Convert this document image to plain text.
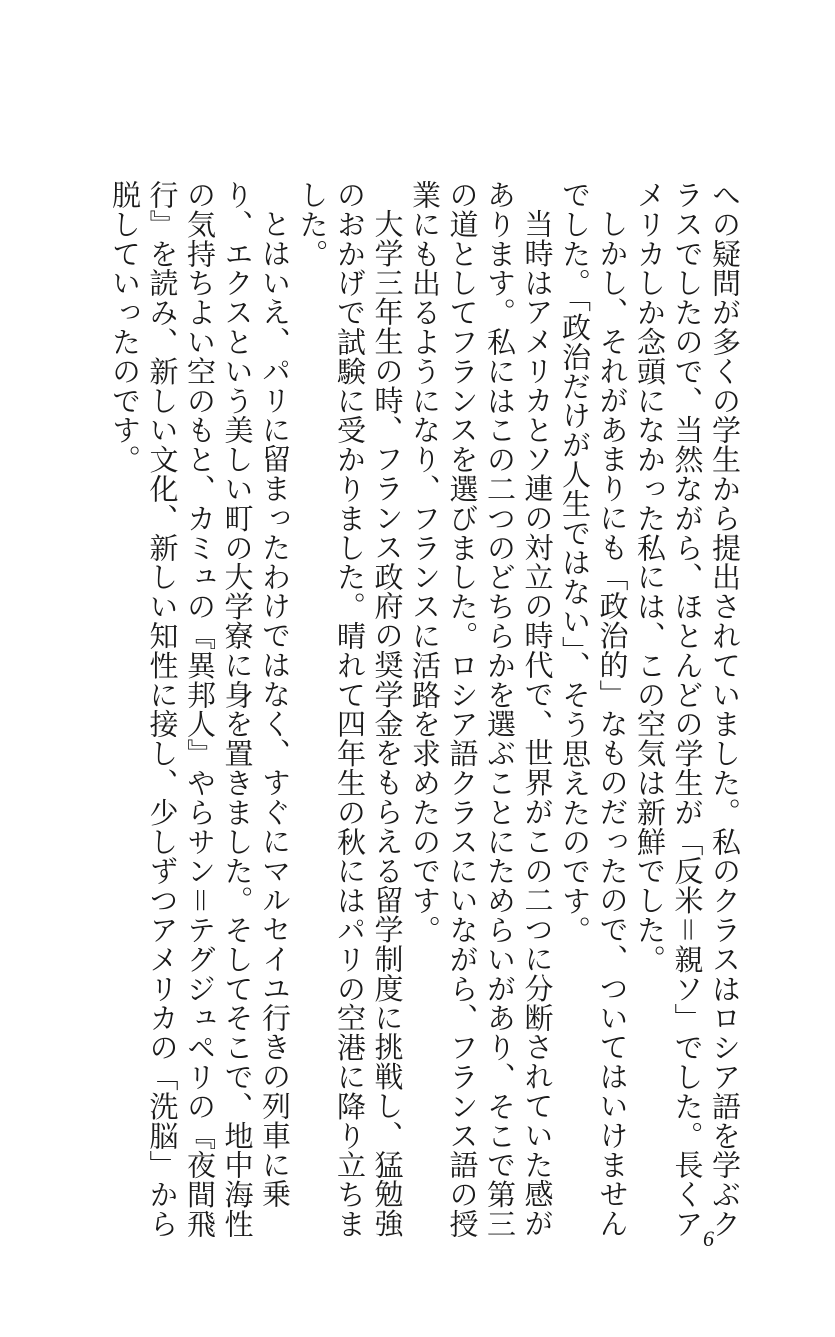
への疑問が多くの学生から提出されていました。私のクラスはロシア語を学ぶクラスでしたので、当然ながら、ほとんどの学生が「反米＝親ソ」でした。長くアメリカしか念頭になかった私には、この空気は新鮮でした。

しかし、それがあまりにも「政治的」なものだったので、ついてはいけませんでした。「政治だけが人生ではない」、そう思えたのです。

当時はアメリカとソ連の対立の時代で、世界がこの二つに分断されていた感があります。私にはこの二つのどちらかを選ぶことにためらいがあり、そこで第三の道としてフランスを選びました。ロシア語クラスにいながら、フランス語の授業にも出るようになり、フランスに活路を求めたのです。

大学三年生の時、フランス政府の奨学金をもらえる留学制度に挑戦し、猛勉強のおかげで試験に受かりました。晴れて四年生の秋にはパリの空港に降り立ちました。

とはいえ、パリに留まったわけではなく、すぐにマルセイユ行きの列車に乗り、エクスという美しい町の大学寮に身を置きました。そしてそこで、地中海性の気持ちよい空のもと、カミュの『異邦人』やらサン＝テグジュペリの『夜間飛行』を読み、新しい文化、新しい知性に接し、少しずつアメリカの「洗脳」から脱していったのです。

6
